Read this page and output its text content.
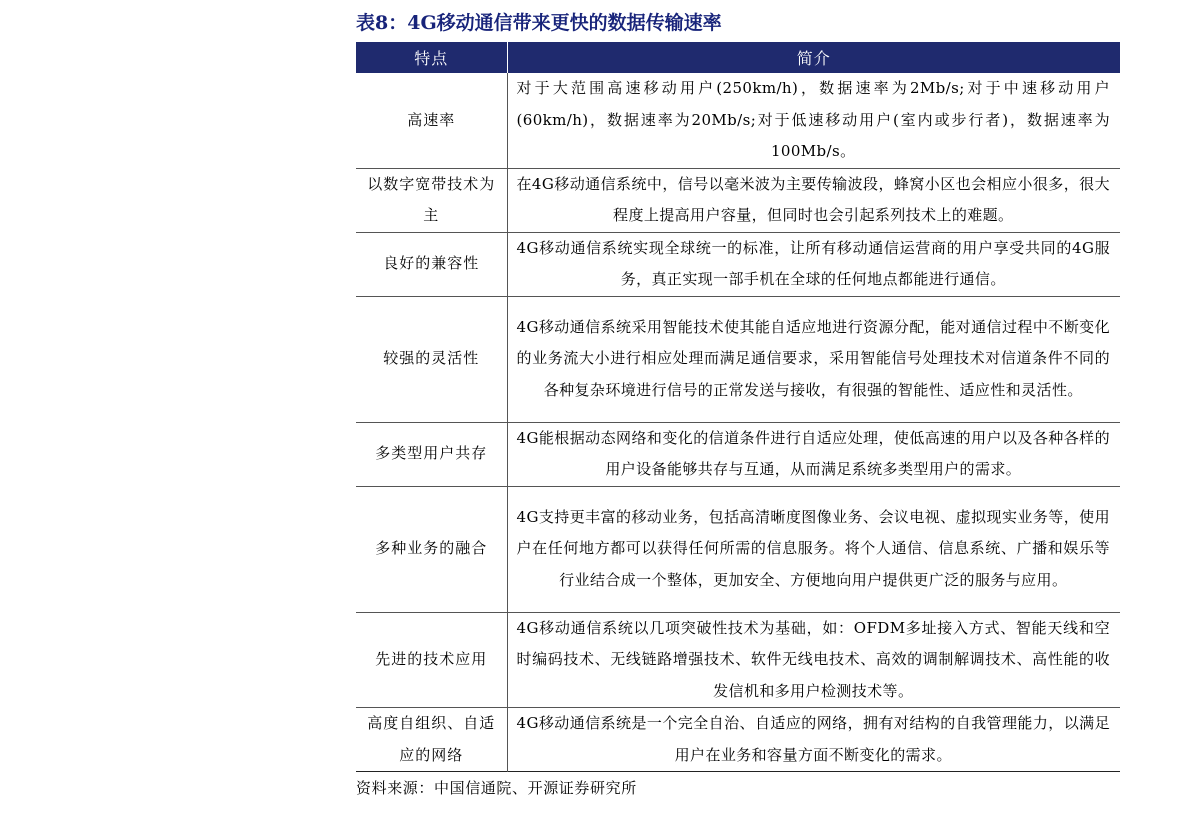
表8：4G移动通信带来更快的数据传输速率
特点	简介
高速率	对于大范围高速移动用户(250km/h)，数据速率为2Mb/s;对于中速移动用户(60km/h)，数据速率为20Mb/s;对于低速移动用户(室内或步行者)，数据速率为100Mb/s。
以数字宽带技术为主	在4G移动通信系统中，信号以毫米波为主要传输波段，蜂窝小区也会相应小很多，很大程度上提高用户容量，但同时也会引起系列技术上的难题。
良好的兼容性	4G移动通信系统实现全球统一的标准，让所有移动通信运营商的用户享受共同的4G服务，真正实现一部手机在全球的任何地点都能进行通信。
较强的灵活性	4G移动通信系统采用智能技术使其能自适应地进行资源分配，能对通信过程中不断变化的业务流大小进行相应处理而满足通信要求，采用智能信号处理技术对信道条件不同的各种复杂环境进行信号的正常发送与接收，有很强的智能性、适应性和灵活性。
多类型用户共存	4G能根据动态网络和变化的信道条件进行自适应处理，使低高速的用户以及各种各样的用户设备能够共存与互通，从而满足系统多类型用户的需求。
多种业务的融合	4G支持更丰富的移动业务，包括高清晰度图像业务、会议电视、虚拟现实业务等，使用户在任何地方都可以获得任何所需的信息服务。将个人通信、信息系统、广播和娱乐等行业结合成一个整体，更加安全、方便地向用户提供更广泛的服务与应用。
先进的技术应用	4G移动通信系统以几项突破性技术为基础，如：OFDM多址接入方式、智能天线和空时编码技术、无线链路增强技术、软件无线电技术、高效的调制解调技术、高性能的收发信机和多用户检测技术等。
高度自组织、自适应的网络	4G移动通信系统是一个完全自治、自适应的网络，拥有对结构的自我管理能力，以满足用户在业务和容量方面不断变化的需求。
资料来源：中国信通院、开源证券研究所
